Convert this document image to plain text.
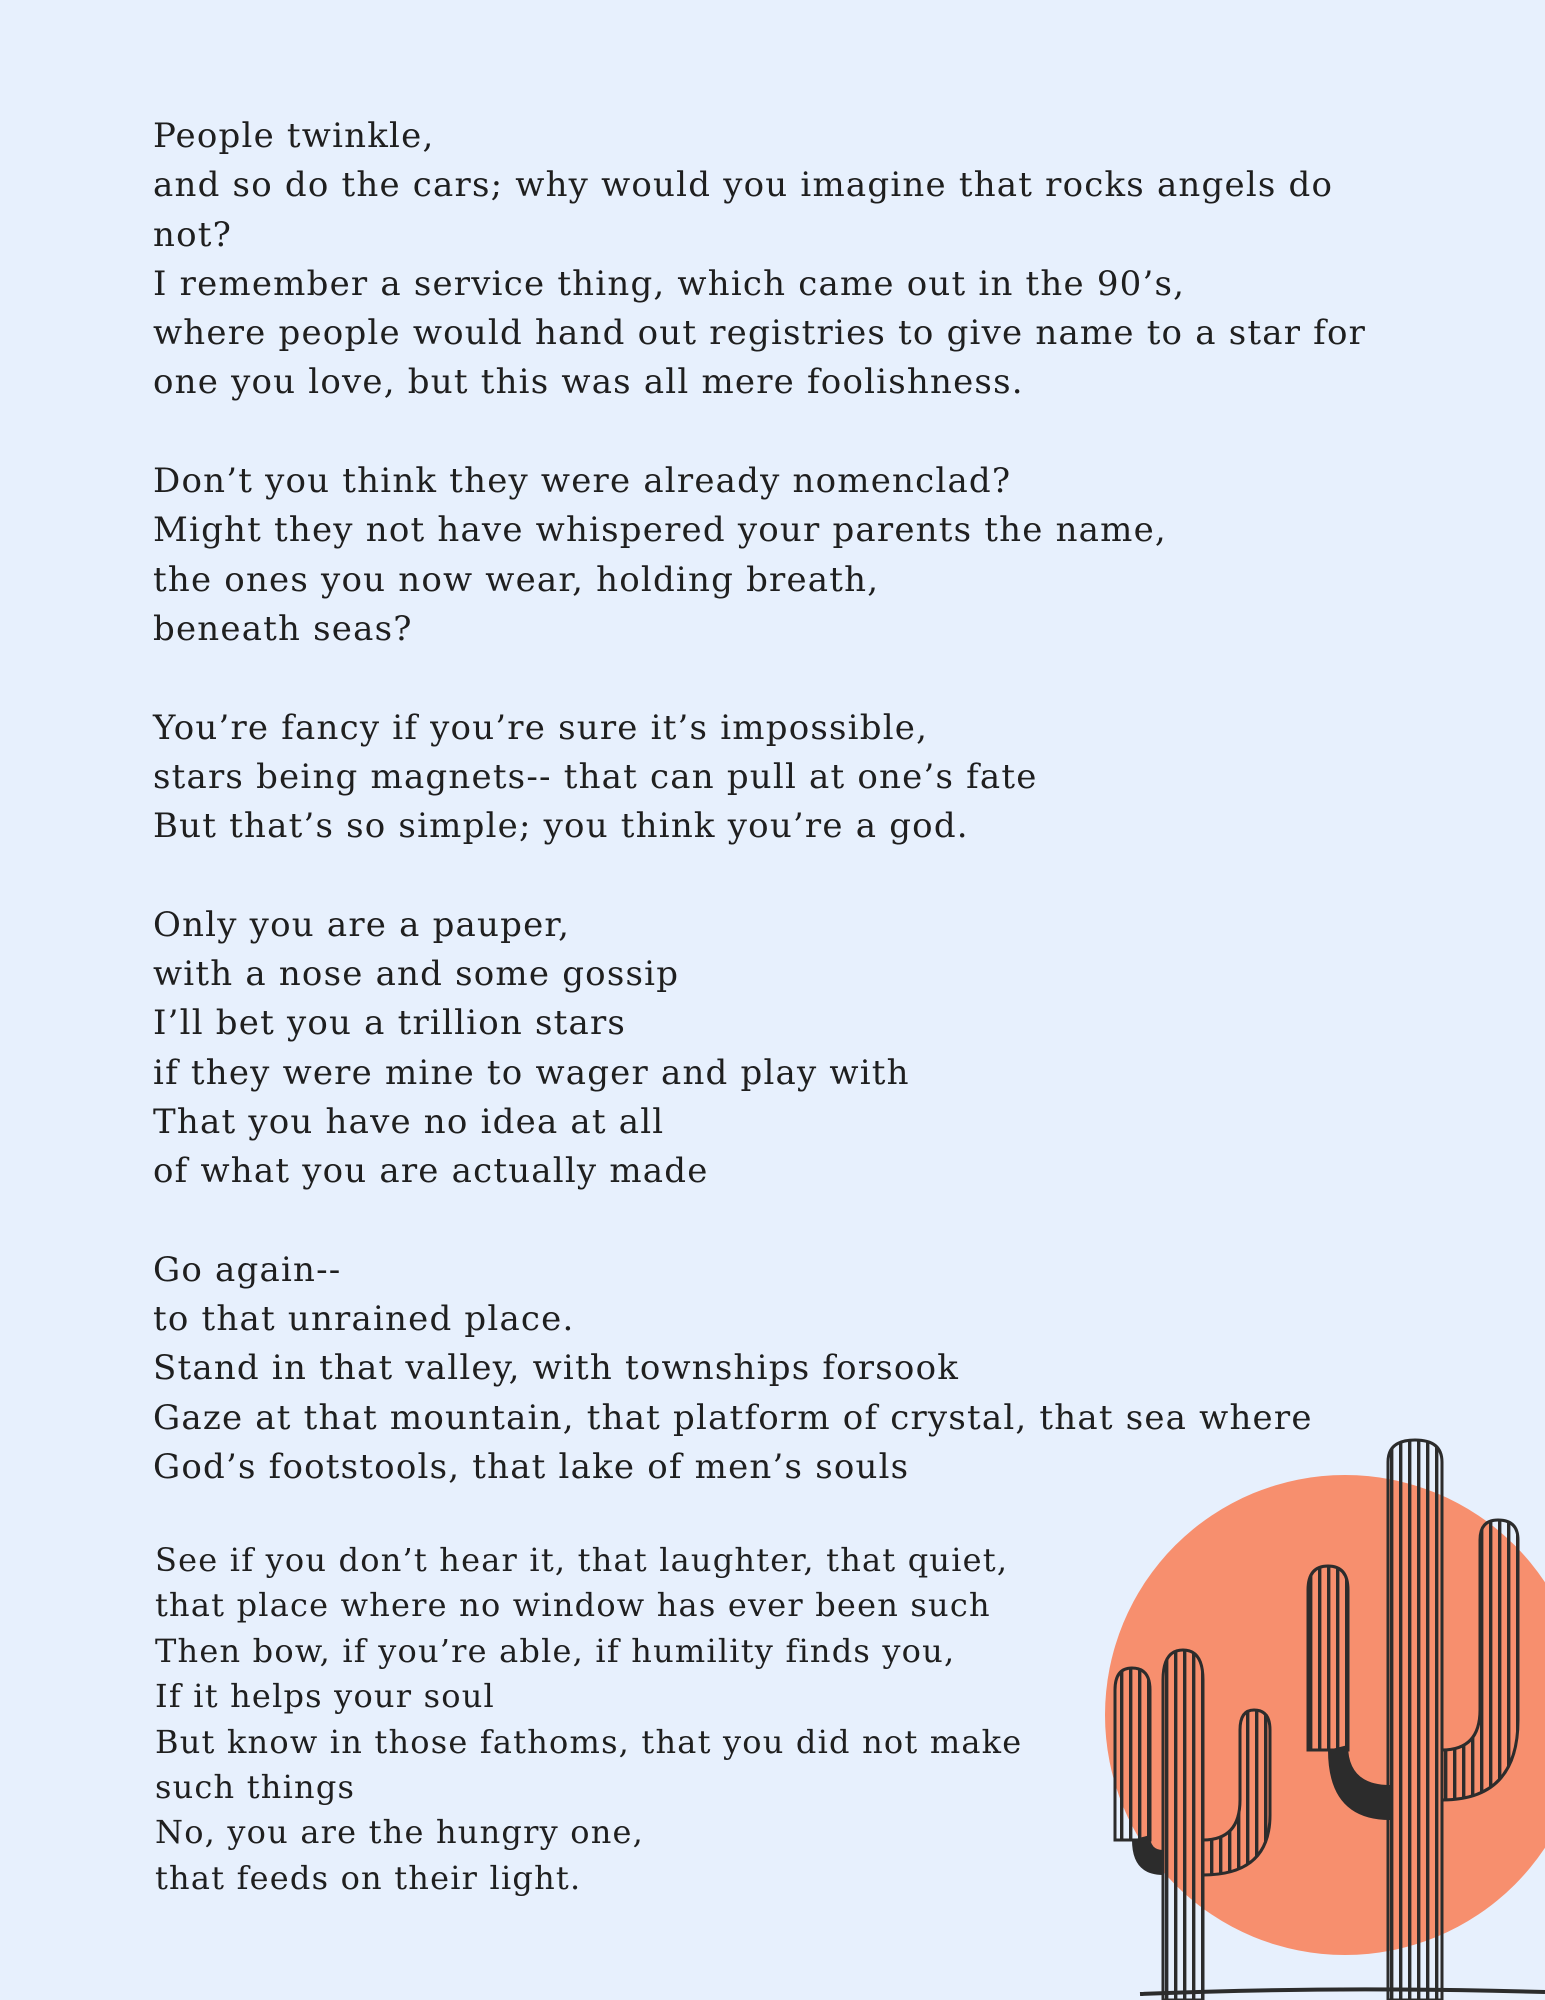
People twinkle,
and so do the cars; why would you imagine that rocks angels do
not?
I remember a service thing, which came out in the 90’s,
where people would hand out registries to give name to a star for
one you love, but this was all mere foolishness.

Don’t you think they were already nomenclad?
Might they not have whispered your parents the name,
the ones you now wear, holding breath,
beneath seas?

You’re fancy if you’re sure it’s impossible,
stars being magnets-- that can pull at one’s fate
But that’s so simple; you think you’re a god.

Only you are a pauper,
with a nose and some gossip
I’ll bet you a trillion stars
if they were mine to wager and play with
That you have no idea at all
of what you are actually made

Go again--
to that unrained place.
Stand in that valley, with townships forsook
Gaze at that mountain, that platform of crystal, that sea where
God’s footstools, that lake of men’s souls

See if you don’t hear it, that laughter, that quiet,
that place where no window has ever been such
Then bow, if you’re able, if humility finds you,
If it helps your soul
But know in those fathoms, that you did not make
such things
No, you are the hungry one,
that feeds on their light.
